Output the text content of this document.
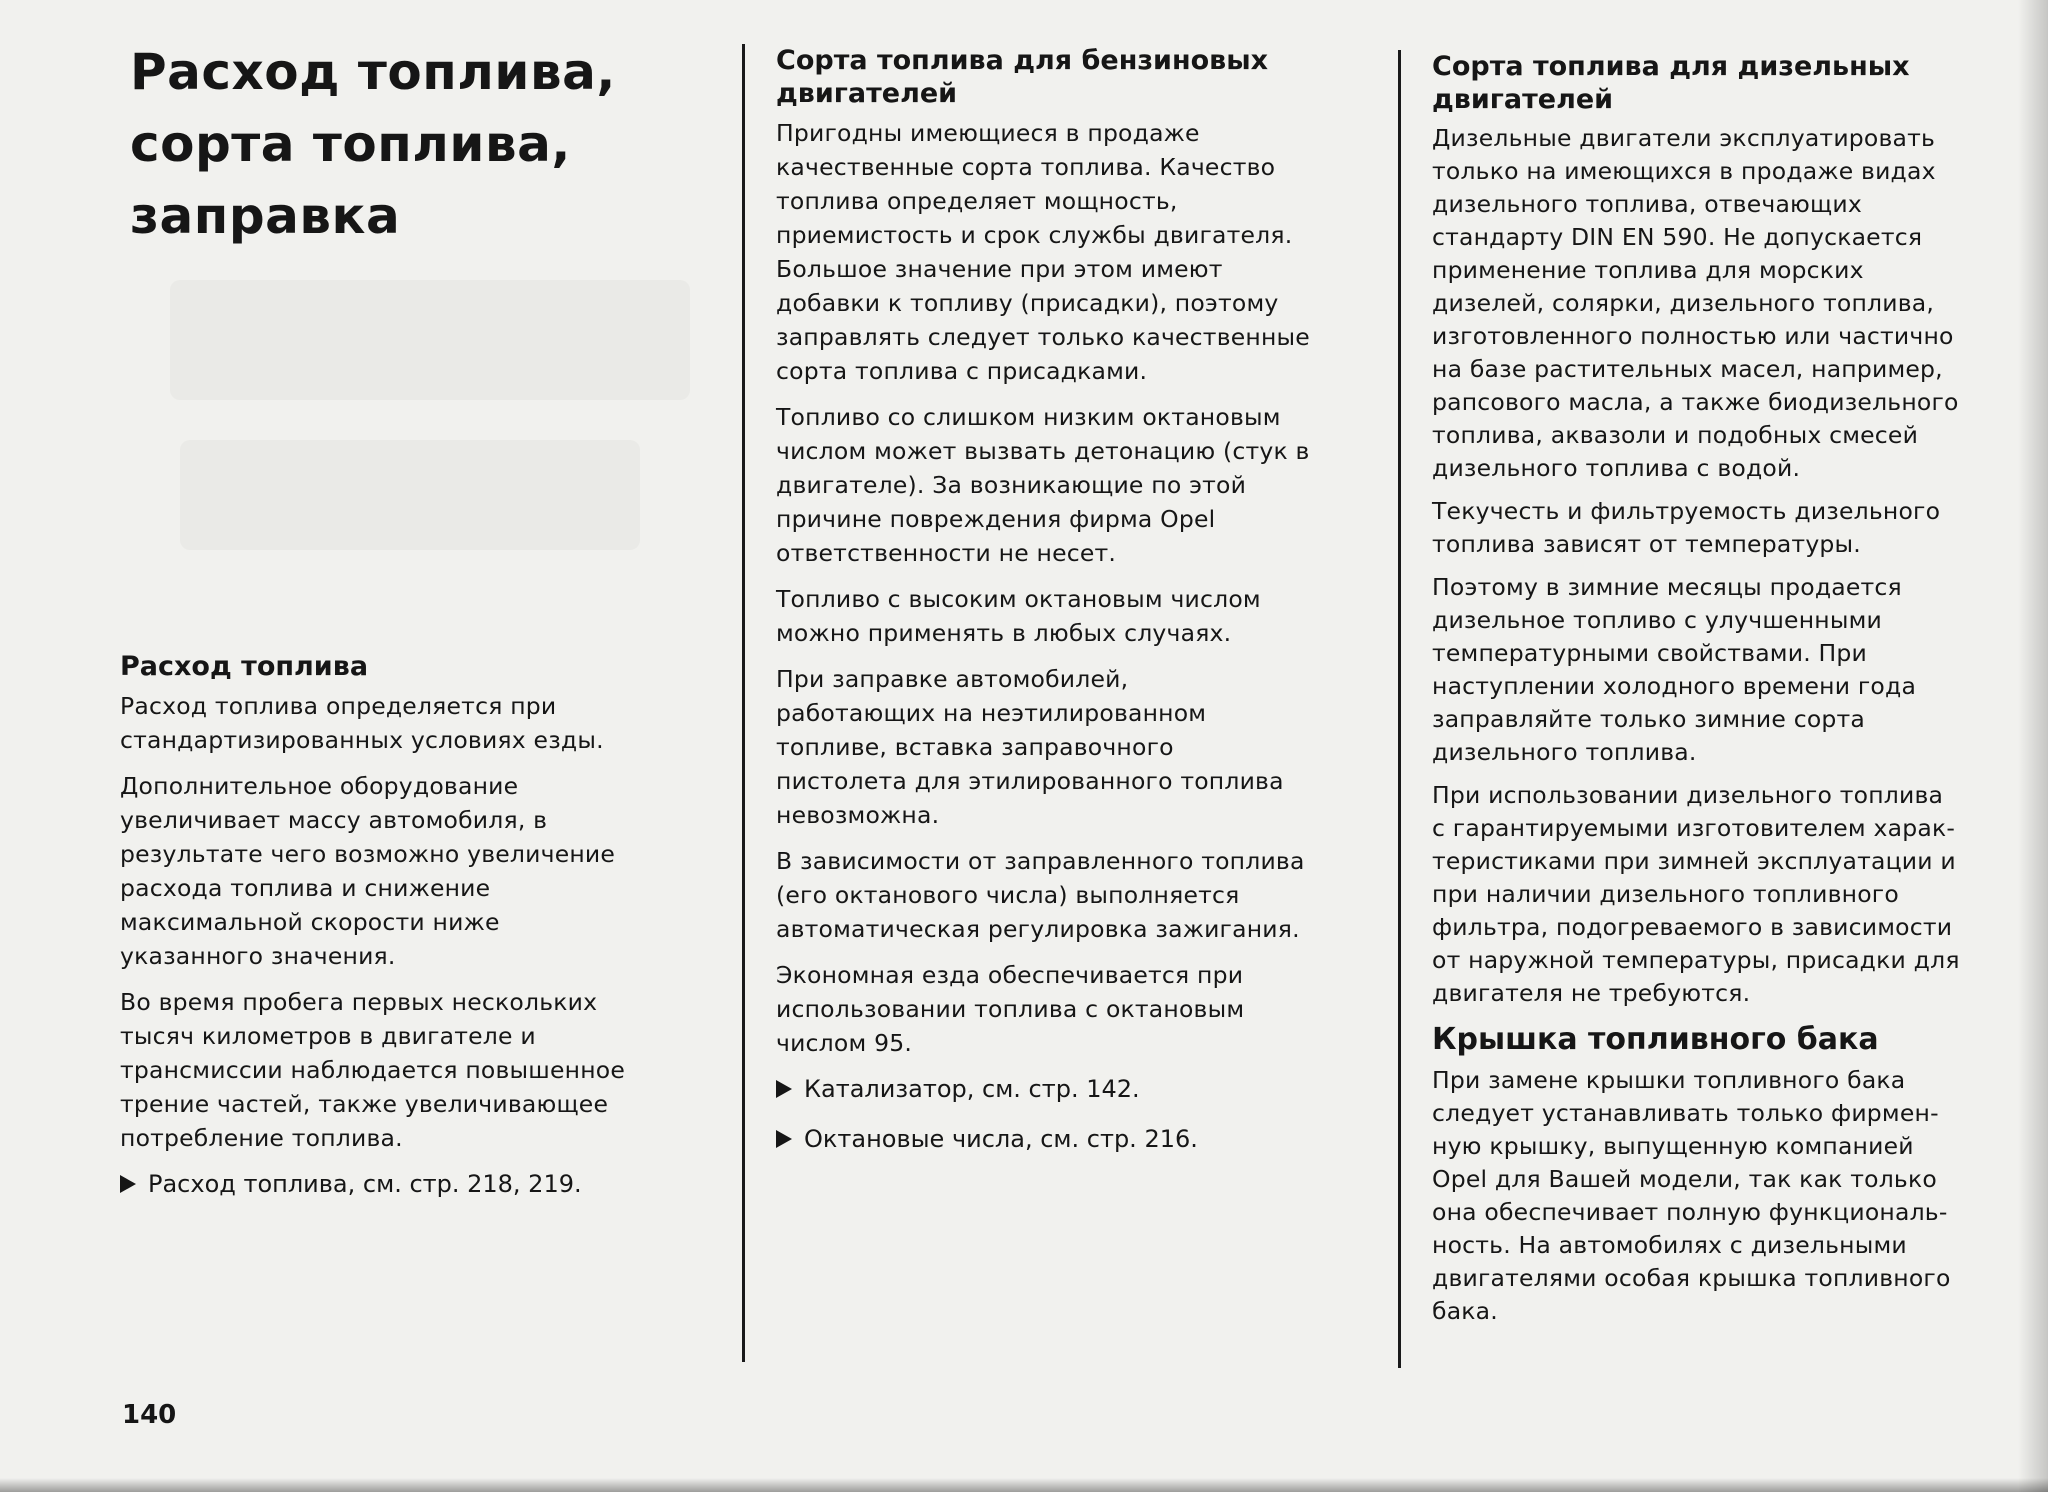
Расход топлива,
сорта топлива,
заправка
Расход топлива

Расход топлива определяется при
стандартизированных условиях езды.

Дополнительное оборудование
увеличивает массу автомобиля, в
результате чего возможно увеличение
расхода топлива и снижение
максимальной скорости ниже
указанного значения.

Во время пробега первых нескольких
тысяч километров в двигателе и
трансмиссии наблюдается повышенное
трение частей, также увеличивающее
потребление топлива.

Расход топлива, см. стр. 218, 219.
Сорта топлива для бензиновых
двигателей

Пригодны имеющиеся в продаже
качественные сорта топлива. Качество
топлива определяет мощность,
приемистость и срок службы двигателя.
Большое значение при этом имеют
добавки к топливу (присадки), поэтому
заправлять следует только качественные
сорта топлива с присадками.

Топливо со слишком низким октановым
числом может вызвать детонацию (стук в
двигателе). За возникающие по этой
причине повреждения фирма Opel
ответственности не несет.

Топливо с высоким октановым числом
можно применять в любых случаях.

При заправке автомобилей,
работающих на неэтилированном
топливе, вставка заправочного
пистолета для этилированного топлива
невозможна.

В зависимости от заправленного топлива
(его октанового числа) выполняется
автоматическая регулировка зажигания.

Экономная езда обеспечивается при
использовании топлива с октановым
числом 95.

Катализатор, см. стр. 142.
Октановые числа, см. стр. 216.
Сорта топлива для дизельных
двигателей

Дизельные двигатели эксплуатировать
только на имеющихся в продаже видах
дизельного топлива, отвечающих
стандарту DIN EN 590. Не допускается
применение топлива для морских
дизелей, солярки, дизельного топлива,
изготовленного полностью или частично
на базе растительных масел, например,
рапсового масла, а также биодизельного
топлива, аквазоли и подобных смесей
дизельного топлива с водой.

Текучесть и фильтруемость дизельного
топлива зависят от температуры.

Поэтому в зимние месяцы продается
дизельное топливо с улучшенными
температурными свойствами. При
наступлении холодного времени года
заправляйте только зимние сорта
дизельного топлива.

При использовании дизельного топлива
с гарантируемыми изготовителем харак-
теристиками при зимней эксплуатации и
при наличии дизельного топливного
фильтра, подогреваемого в зависимости
от наружной температуры, присадки для
двигателя не требуются.

Крышка топливного бака

При замене крышки топливного бака
следует устанавливать только фирмен-
ную крышку, выпущенную компанией
Opel для Вашей модели, так как только
она обеспечивает полную функциональ-
ность. На автомобилях с дизельными
двигателями особая крышка топливного
бака.

140
